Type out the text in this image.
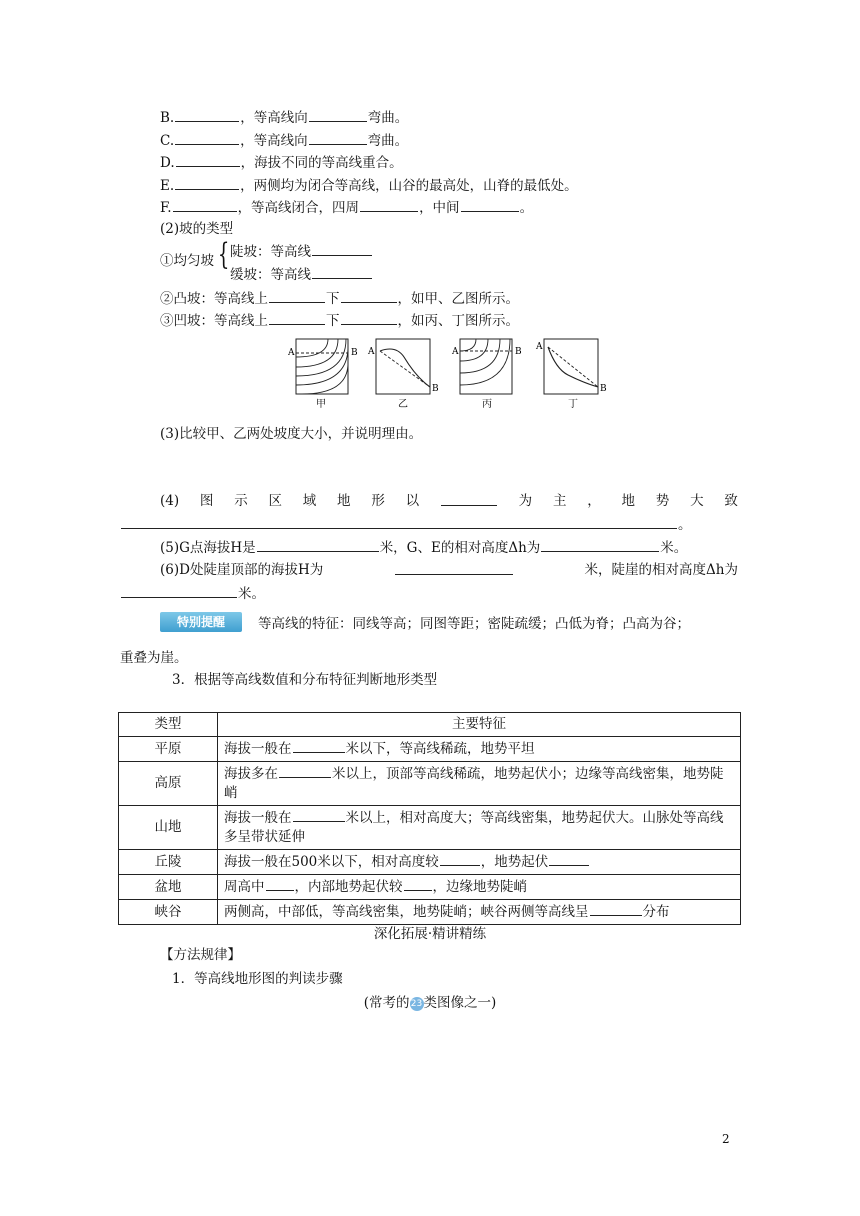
B.	，等高线向	弯曲。
C.	，等高线向	弯曲。
D.	，海拔不同的等高线重合。
E.	，两侧均为闭合等高线，山谷的最高处，山脊的最低处。
F.	，等高线闭合，四周	，中间	。
(2)坡的类型
①均匀坡 { 陡坡：等高线
缓坡：等高线
②凸坡：等高线上	下	，如甲、乙图所示。
③凹坡：等高线上	下	，如丙、丁图所示。
A	B
甲
A
B
乙
A	B
丙
A
B
丁
(3)比较甲、乙两处坡度大小，并说明理由。
(4) 图 示 区 域 地 形 以	为 主 ， 地 势 大 致
。
(5)G点海拔H是	米，G、E的相对高度Δh为	米。
(6)D处陡崖顶部的海拔H为	米，陡崖的相对高度Δh为
米。
特别提醒	等高线的特征：同线等高；同图等距；密陡疏缓；凸低为脊；凸高为谷；
重叠为崖。
3．根据等高线数值和分布特征判断地形类型
类型	主要特征
平原	海拔一般在 米以下，等高线稀疏，地势平坦
高原	海拔多在 米以上，顶部等高线稀疏，地势起伏小；边缘等高线密集，地势陡峭
山地	海拔一般在 米以上，相对高度大；等高线密集，地势起伏大。山脉处等高线多呈带状延伸
丘陵	海拔一般在500米以下，相对高度较 ，地势起伏
盆地	周高中 ，内部地势起伏较 ，边缘地势陡峭
峡谷	两侧高，中部低，等高线密集，地势陡峭；峡谷两侧等高线呈 分布
深化拓展·精讲精练
【方法规律】
1．等高线地形图的判读步骤
(常考的23类图像之一)
2
